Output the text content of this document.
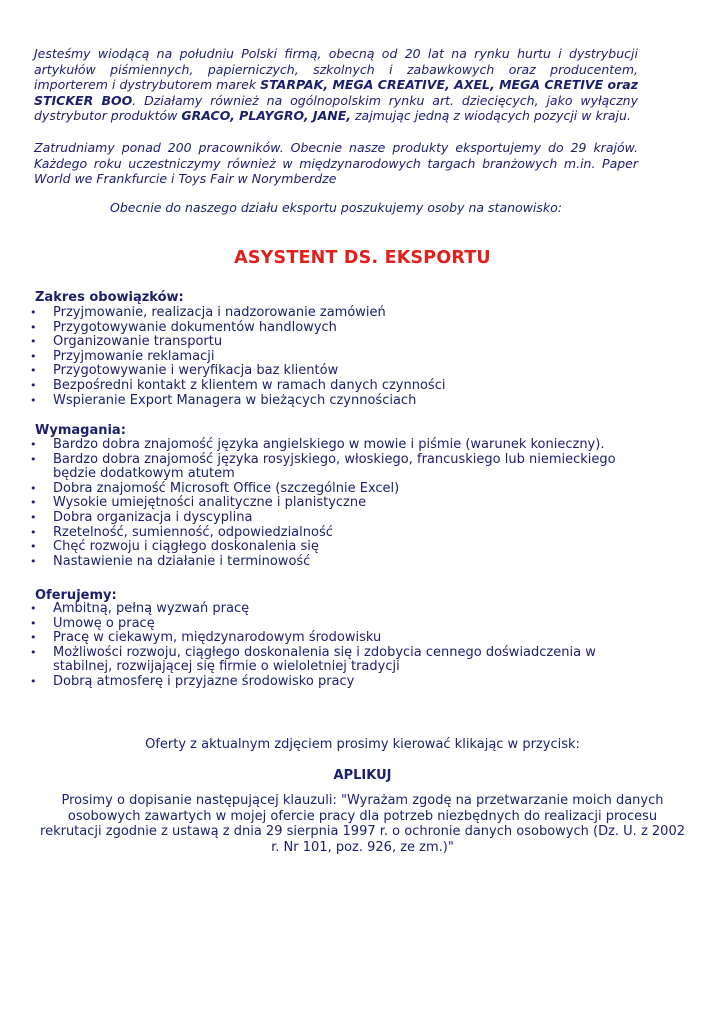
Jesteśmy wiodącą na południu Polski firmą, obecną od 20 lat na rynku hurtu i dystrybucji artykułów piśmiennych, papierniczych, szkolnych i zabawkowych oraz producentem, importerem i dystrybutorem marek STARPAK, MEGA CREATIVE, AXEL, MEGA CRETIVE oraz STICKER BOO. Działamy również na ogólnopolskim rynku art. dziecięcych, jako wyłączny dystrybutor produktów GRACO, PLAYGRO, JANE, zajmując jedną z wiodących pozycji w kraju.

Zatrudniamy ponad 200 pracowników. Obecnie nasze produkty eksportujemy do 29 krajów. Każdego roku uczestniczymy również w międzynarodowych targach branżowych m.in. Paper World we Frankfurcie i Toys Fair w Norymberdze

Obecnie do naszego działu eksportu poszukujemy osoby na stanowisko:

ASYSTENT DS. EKSPORTU

Zakres obowiązków:

• Przyjmowanie, realizacja i nadzorowanie zamówień
• Przygotowywanie dokumentów handlowych
• Organizowanie transportu
• Przyjmowanie reklamacji
• Przygotowywanie i weryfikacja baz klientów
• Bezpośredni kontakt z klientem w ramach danych czynności
• Wspieranie Export Managera w bieżących czynnościach

Wymagania:

• Bardzo dobra znajomość języka angielskiego w mowie i piśmie (warunek konieczny).
• Bardzo dobra znajomość języka rosyjskiego, włoskiego, francuskiego lub niemieckiego będzie dodatkowym atutem
• Dobra znajomość Microsoft Office (szczególnie Excel)
• Wysokie umiejętności analityczne i planistyczne
• Dobra organizacja i dyscyplina
• Rzetelność, sumienność, odpowiedzialność
• Chęć rozwoju i ciągłego doskonalenia się
• Nastawienie na działanie i terminowość

Oferujemy:

• Ambitną, pełną wyzwań pracę
• Umowę o pracę
• Pracę w ciekawym, międzynarodowym środowisku
• Możliwości rozwoju, ciągłego doskonalenia się i zdobycia cennego doświadczenia w stabilnej, rozwijającej się firmie o wieloletniej tradycji
• Dobrą atmosferę i przyjazne środowisko pracy

Oferty z aktualnym zdjęciem prosimy kierować klikając w przycisk:

APLIKUJ

Prosimy o dopisanie następującej klauzuli: "Wyrażam zgodę na przetwarzanie moich danych osobowych zawartych w mojej ofercie pracy dla potrzeb niezbędnych do realizacji procesu rekrutacji zgodnie z ustawą z dnia 29 sierpnia 1997 r. o ochronie danych osobowych (Dz. U. z 2002 r. Nr 101, poz. 926, ze zm.)"
